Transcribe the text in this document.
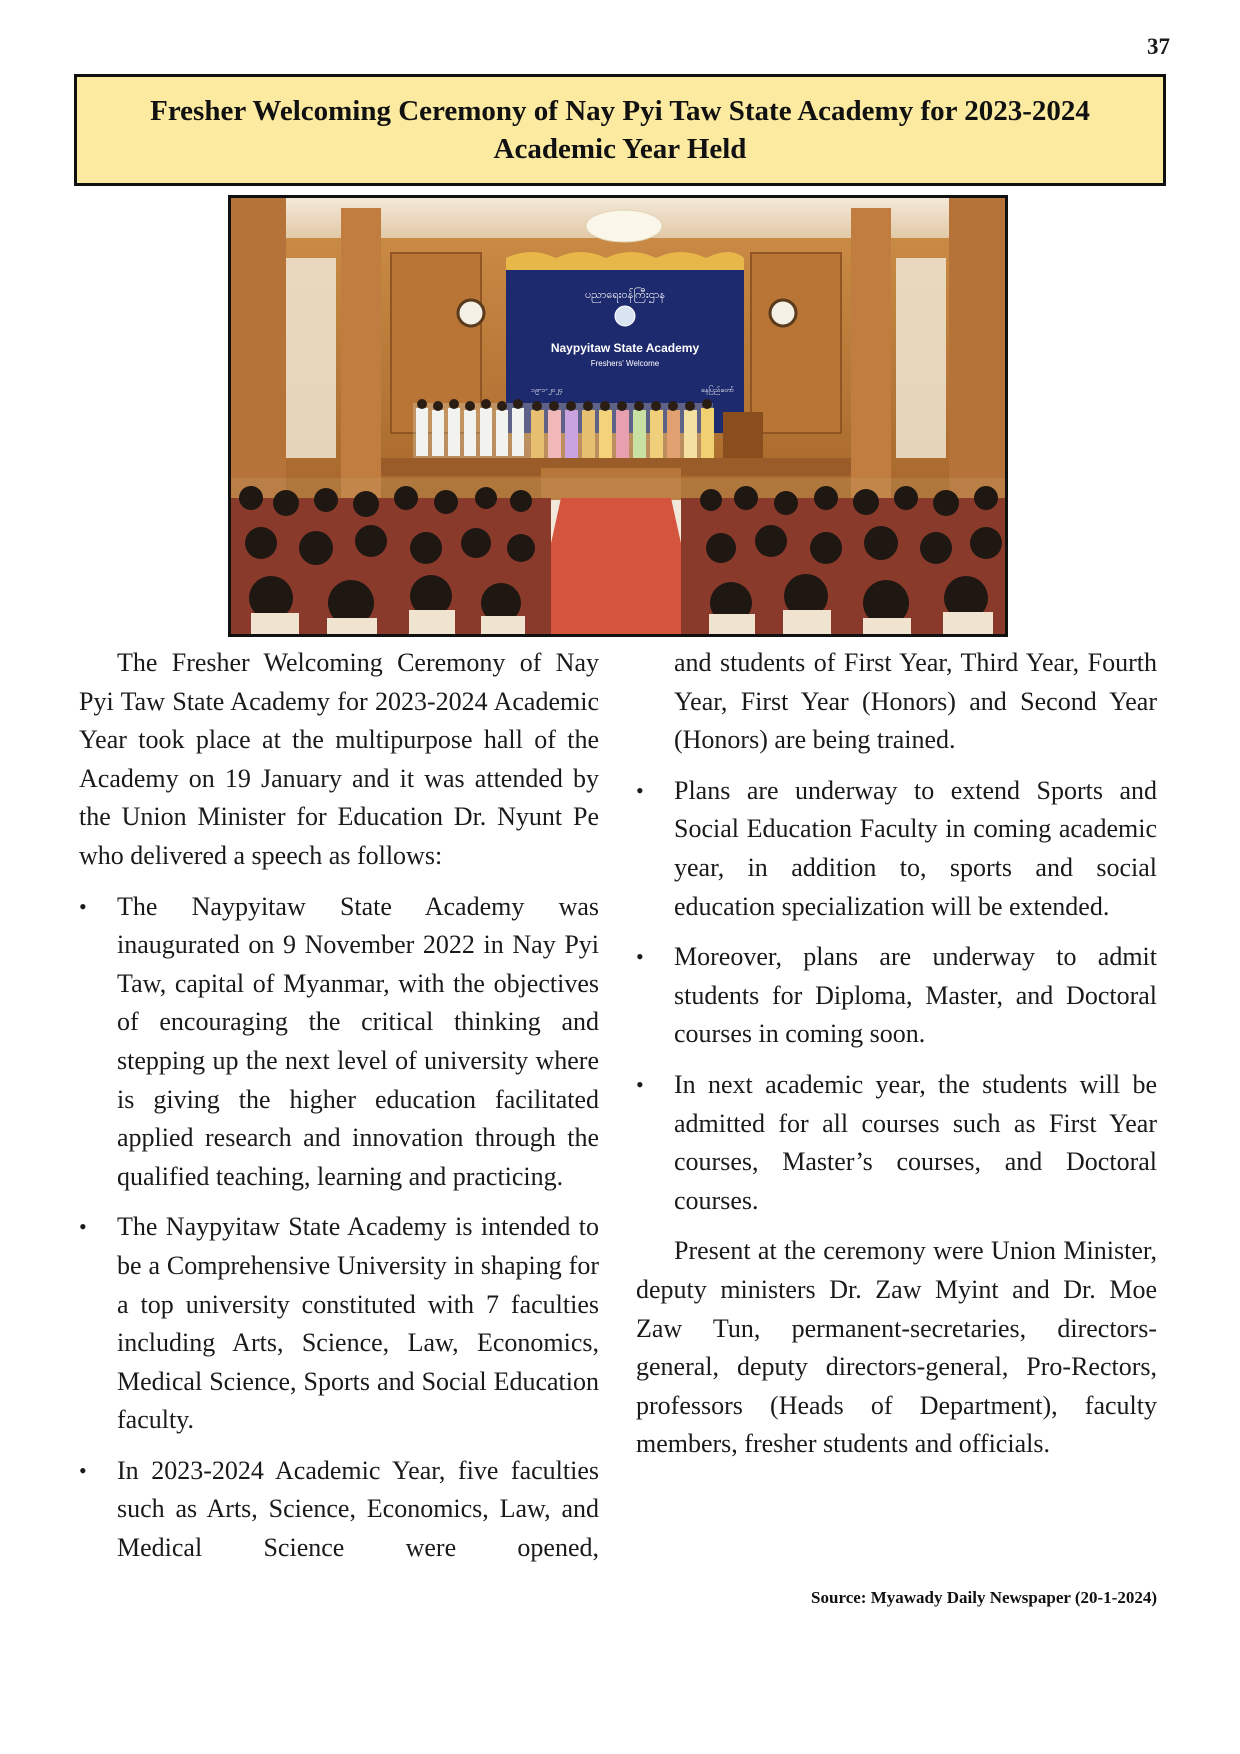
37
Fresher Welcoming Ceremony of Nay Pyi Taw State Academy for 2023-2024 Academic Year Held
ပညာရေးဝန်ကြီးဌာန
Naypyitaw State Academy
Freshers' Welcome
၁၉-၁-၂၀၂၄	နေပြည်တော်

The Fresher Welcoming Ceremony of Nay Pyi Taw State Academy for 2023-2024 Academic Year took place at the multipurpose hall of the Academy on 19 January and it was attended by the Union Minister for Education Dr. Nyunt Pe who delivered a speech as follows:

• The Naypyitaw State Academy was inaugurated on 9 November 2022 in Nay Pyi Taw, capital of Myanmar, with the objectives of encouraging the critical thinking and stepping up the next level of university where is giving the higher education facilitated applied research and innovation through the qualified teaching, learning and practicing.
• The Naypyitaw State Academy is intended to be a Comprehensive University in shaping for a top university constituted with 7 faculties including Arts, Science, Law, Economics, Medical Science, Sports and Social Education faculty.
• In 2023-2024 Academic Year, five faculties such as Arts, Science, Economics, Law, and Medical Science were opened,

and students of First Year, Third Year, Fourth Year, First Year (Honors) and Second Year (Honors) are being trained.

• Plans are underway to extend Sports and Social Education Faculty in coming academic year, in addition to, sports and social education specialization will be extended.
• Moreover, plans are underway to admit students for Diploma, Master, and Doctoral courses in coming soon.
• In next academic year, the students will be admitted for all courses such as First Year courses, Master’s courses, and Doctoral courses.

Present at the ceremony were Union Minister, deputy ministers Dr. Zaw Myint and Dr. Moe Zaw Tun, permanent-secretaries, directors-general, deputy directors-general, Pro-Rectors, professors (Heads of Department), faculty members, fresher students and officials.

Source: Myawady Daily Newspaper (20-1-2024)
